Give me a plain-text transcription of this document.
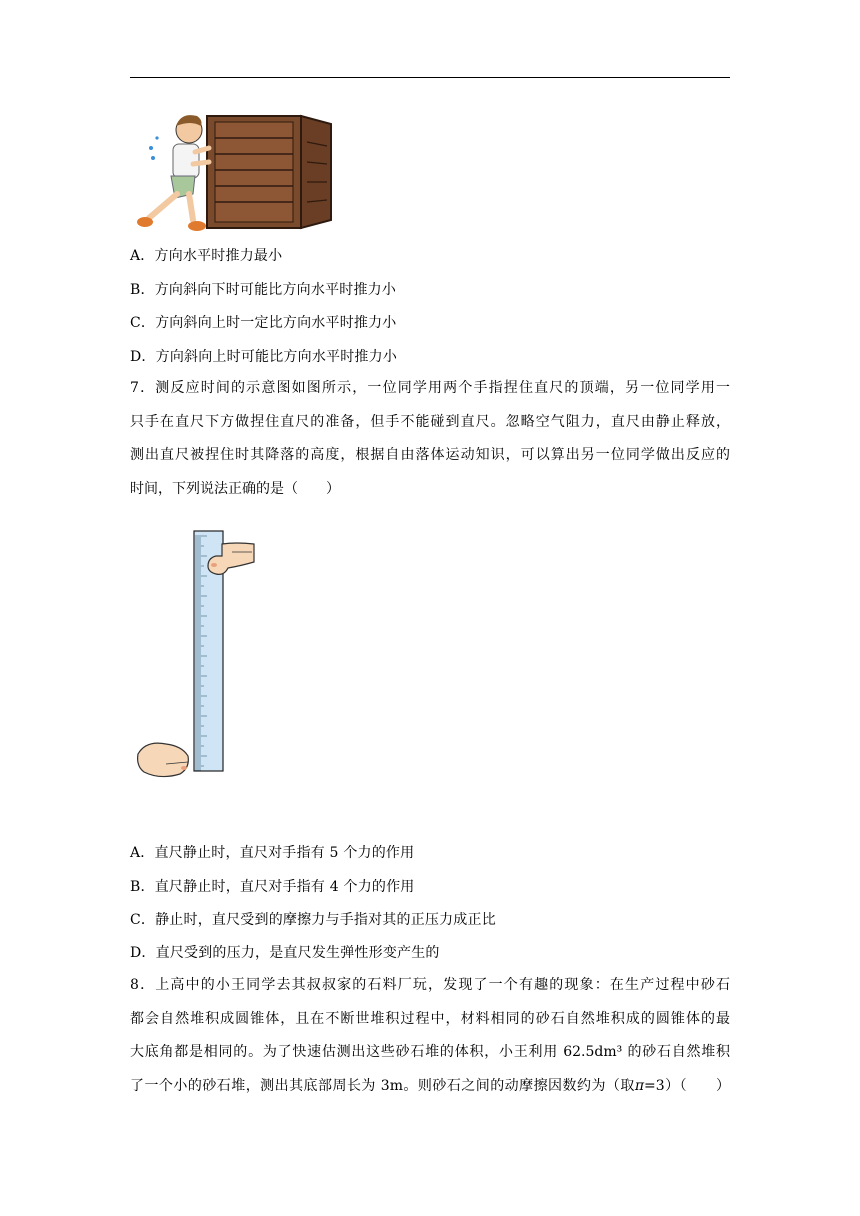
A．方向水平时推力最小
B．方向斜向下时可能比方向水平时推力小
C．方向斜向上时一定比方向水平时推力小
D．方向斜向上时可能比方向水平时推力小
7．测反应时间的示意图如图所示，一位同学用两个手指捏住直尺的顶端，另一位同学用一
只手在直尺下方做捏住直尺的准备，但手不能碰到直尺。忽略空气阻力，直尺由静止释放，
测出直尺被捏住时其降落的高度，根据自由落体运动知识，可以算出另一位同学做出反应的
时间，下列说法正确的是（　　）
A．直尺静止时，直尺对手指有 5 个力的作用
B．直尺静止时，直尺对手指有 4 个力的作用
C．静止时，直尺受到的摩擦力与手指对其的正压力成正比
D．直尺受到的压力，是直尺发生弹性形变产生的
8．上高中的小王同学去其叔叔家的石料厂玩，发现了一个有趣的现象：在生产过程中砂石
都会自然堆积成圆锥体，且在不断世堆积过程中，材料相同的砂石自然堆积成的圆锥体的最
大底角都是相同的。为了快速估测出这些砂石堆的体积，小王利用 62.5dm³ 的砂石自然堆积
了一个小的砂石堆，测出其底部周长为 3m。则砂石之间的动摩擦因数约为（取π=3）（　　）
